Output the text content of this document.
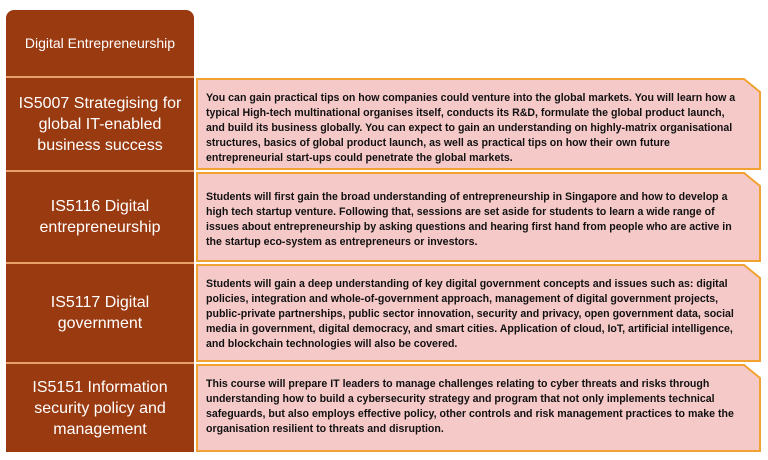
Digital Entrepreneurship
IS5007 Strategising for global IT-enabled business success
You can gain practical tips on how companies could venture into the global markets. You will learn how a typical High-tech multinational organises itself, conducts its R&D, formulate the global product launch, and build its business globally. You can expect to gain an understanding on highly-matrix organisational structures, basics of global product launch, as well as practical tips on how their own future entrepreneurial start-ups could penetrate the global markets.
IS5116 Digital entrepreneurship
Students will first gain the broad understanding of entrepreneurship in Singapore and how to develop a high tech startup venture. Following that, sessions are set aside for students to learn a wide range of issues about entrepreneurship by asking questions and hearing first hand from people who are active in the startup eco-system as entrepreneurs or investors.
IS5117 Digital government
Students will gain a deep understanding of key digital government concepts and issues such as: digital policies, integration and whole-of-government approach, management of digital government projects, public-private partnerships, public sector innovation, security and privacy, open government data, social media in government, digital democracy, and smart cities. Application of cloud, IoT, artificial intelligence, and blockchain technologies will also be covered.
IS5151 Information security policy and management
This course will prepare IT leaders to manage challenges relating to cyber threats and risks through understanding how to build a cybersecurity strategy and program that not only implements technical safeguards, but also employs effective policy, other controls and risk management practices to make the organisation resilient to threats and disruption.
